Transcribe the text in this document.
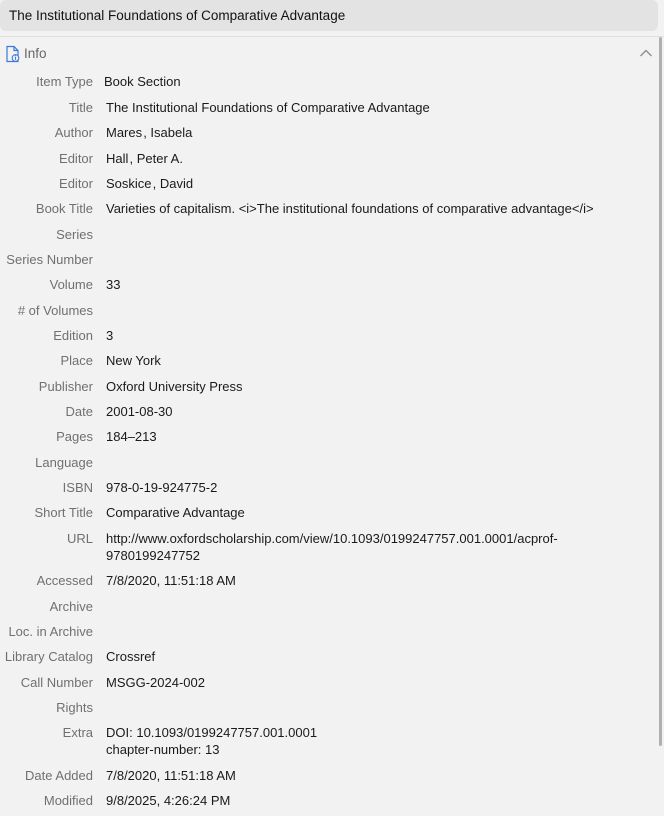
The Institutional Foundations of Comparative Advantage
Info
Item Type Book Section
Title The Institutional Foundations of Comparative Advantage
Author Mares , Isabela
Editor Hall , Peter A.
Editor Soskice , David
Book Title Varieties of capitalism. <i>The institutional foundations of comparative advantage</i>
Series
Series Number
Volume 33
# of Volumes
Edition 3
Place New York
Publisher Oxford University Press
Date 2001-08-30
Pages 184–213
Language
ISBN 978-0-19-924775-2
Short Title Comparative Advantage
URL http://www.oxfordscholarship.com/view/10.1093/0199247757.001.0001/acprof-
9780199247752
Accessed 7/8/2020, 11:51:18 AM
Archive
Loc. in Archive
Library Catalog Crossref
Call Number MSGG-2024-002
Rights
Extra DOI: 10.1093/0199247757.001.0001
chapter-number: 13
Date Added 7/8/2020, 11:51:18 AM
Modified 9/8/2025, 4:26:24 PM
